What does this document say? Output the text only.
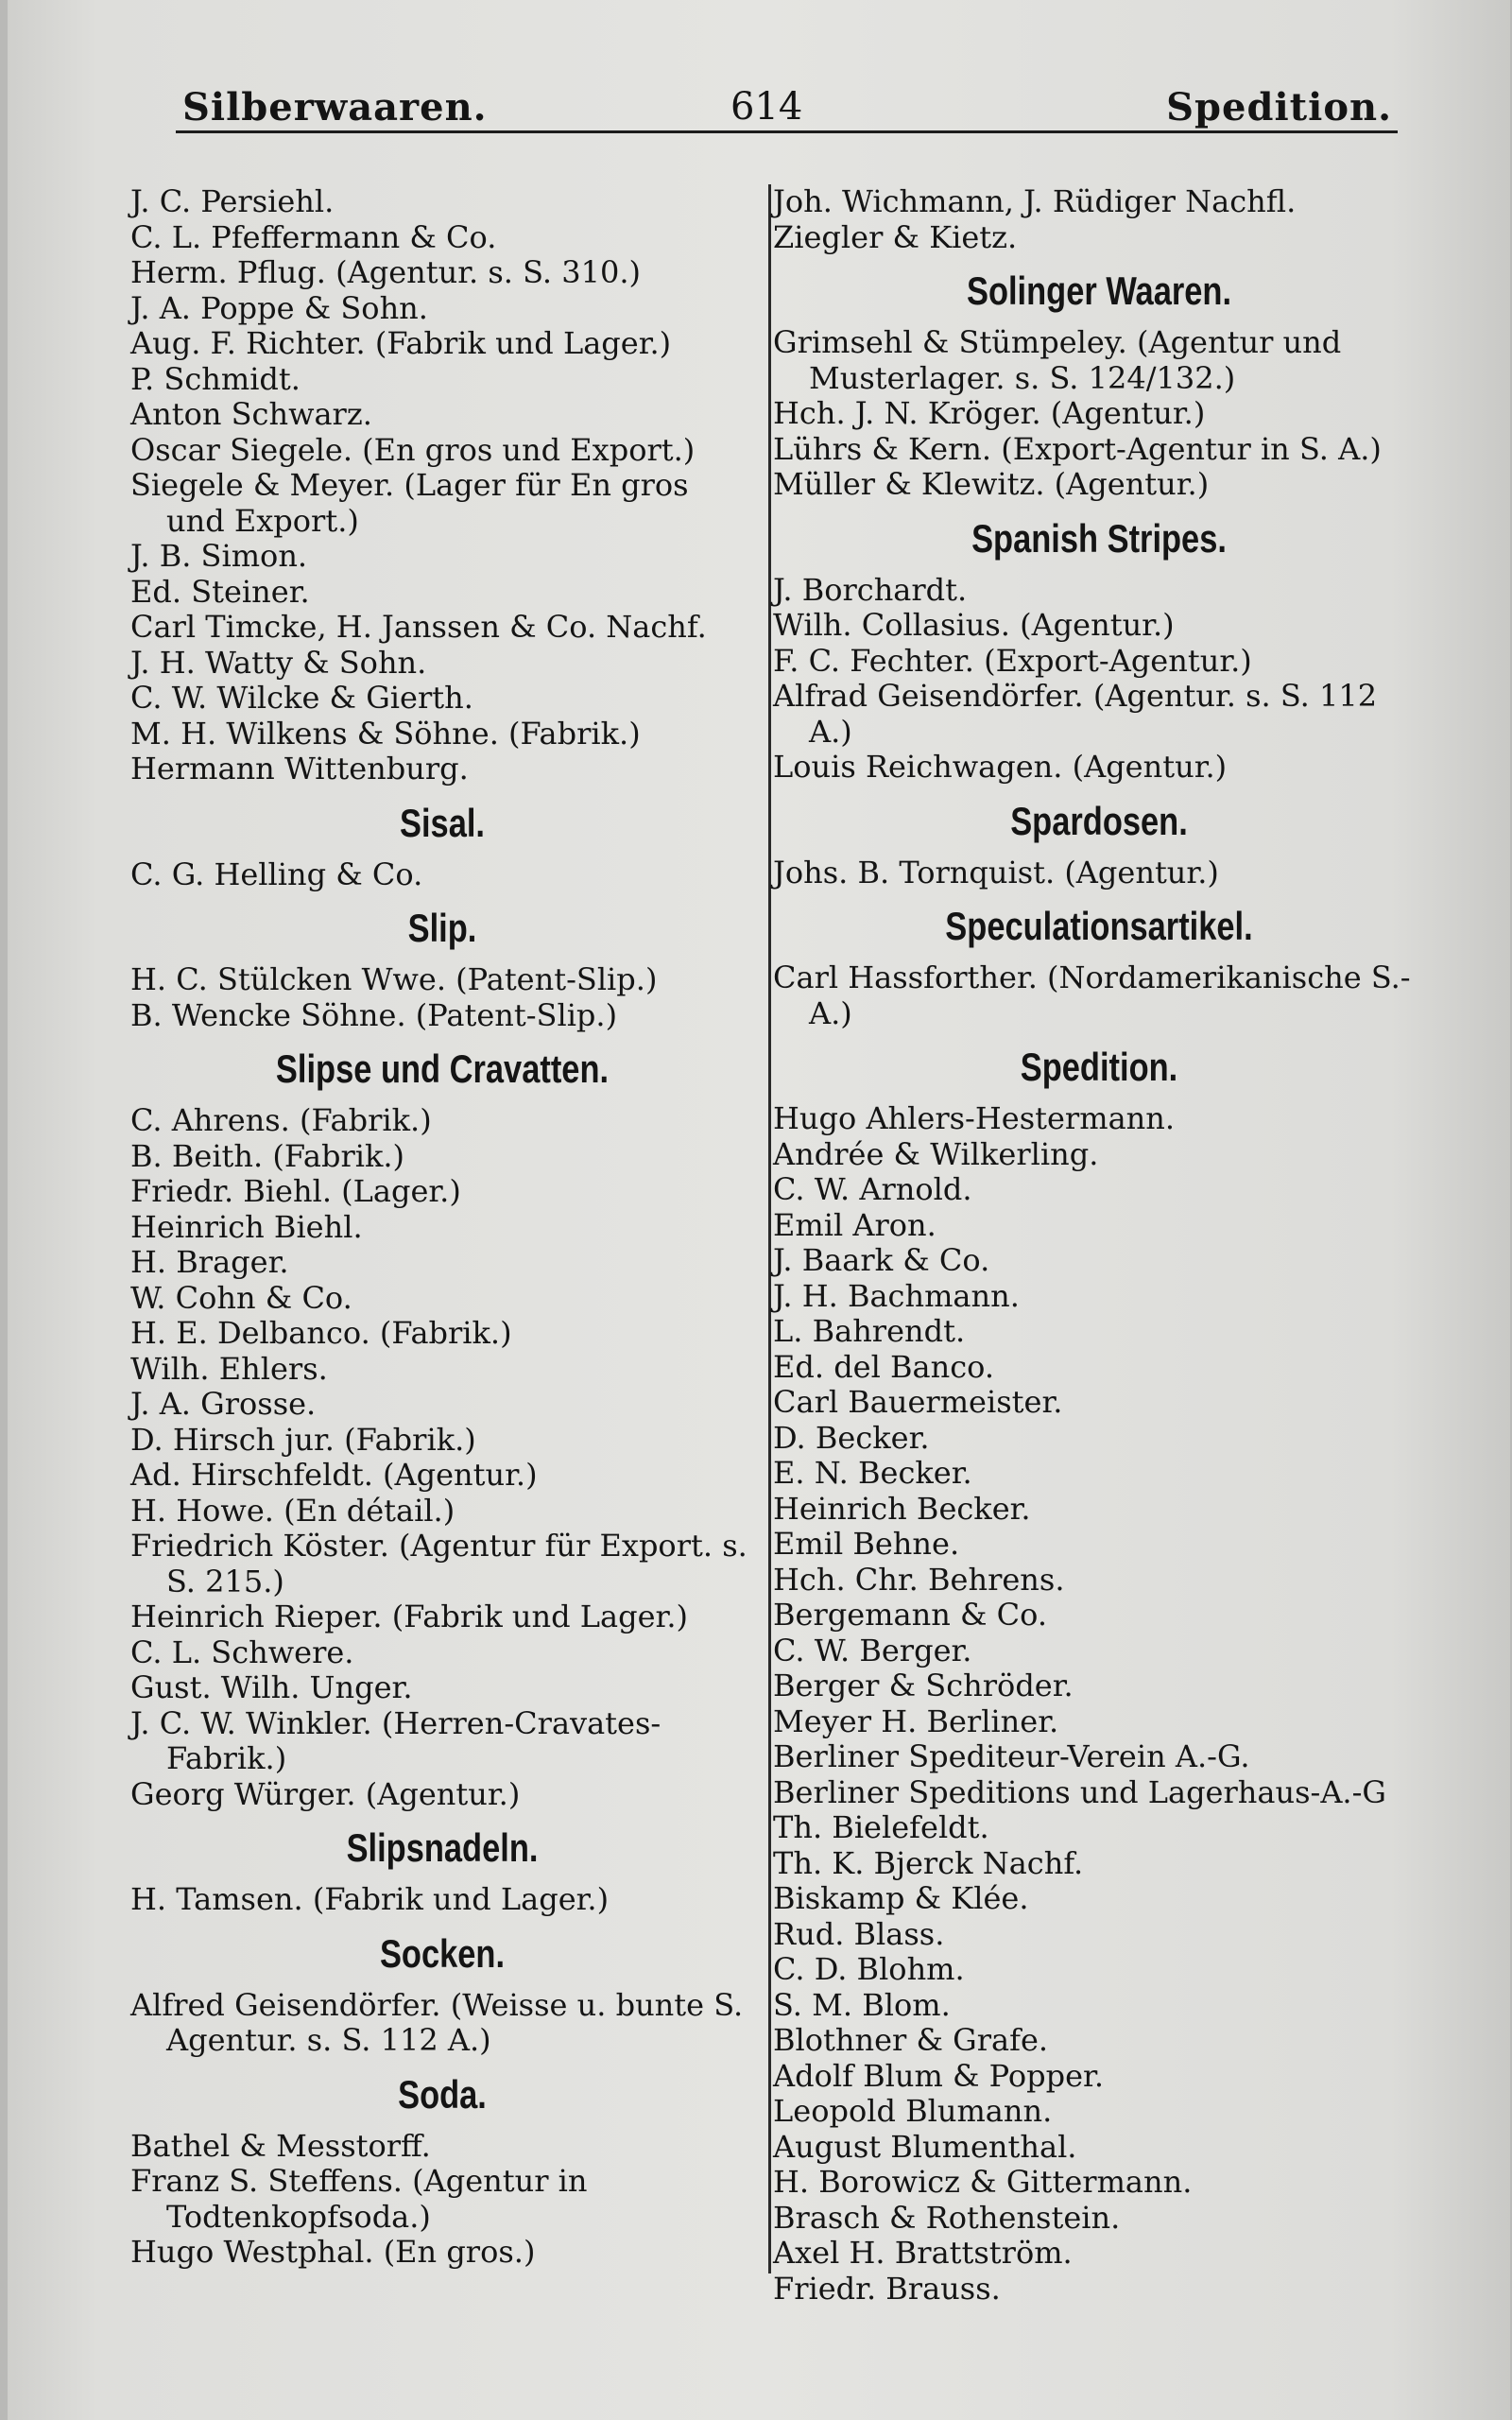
Silberwaaren.	614	Spedition.
J. C. Persiehl.
C. L. Pfeffermann & Co.
Herm. Pflug. (Agentur. s. S. 310.)
J. A. Poppe & Sohn.
Aug. F. Richter. (Fabrik und Lager.)
P. Schmidt.
Anton Schwarz.
Oscar Siegele. (En gros und Export.)
Siegele & Meyer. (Lager für En gros und Export.)
J. B. Simon.
Ed. Steiner.
Carl Timcke, H. Janssen & Co. Nachf.
J. H. Watty & Sohn.
C. W. Wilcke & Gierth.
M. H. Wilkens & Söhne. (Fabrik.)
Hermann Wittenburg.
Sisal.
C. G. Helling & Co.
Slip.
H. C. Stülcken Wwe. (Patent-Slip.)
B. Wencke Söhne. (Patent-Slip.)
Slipse und Cravatten.
C. Ahrens. (Fabrik.)
B. Beith. (Fabrik.)
Friedr. Biehl. (Lager.)
Heinrich Biehl.
H. Brager.
W. Cohn & Co.
H. E. Delbanco. (Fabrik.)
Wilh. Ehlers.
J. A. Grosse.
D. Hirsch jur. (Fabrik.)
Ad. Hirschfeldt. (Agentur.)
H. Howe. (En détail.)
Friedrich Köster. (Agentur für Export. s. S. 215.)
Heinrich Rieper. (Fabrik und Lager.)
C. L. Schwere.
Gust. Wilh. Unger.
J. C. W. Winkler. (Herren-Cravates-Fabrik.)
Georg Würger. (Agentur.)
Slipsnadeln.
H. Tamsen. (Fabrik und Lager.)
Socken.
Alfred Geisendörfer. (Weisse u. bunte S. Agentur. s. S. 112 A.)
Soda.
Bathel & Messtorff.
Franz S. Steffens. (Agentur in Todtenkopfsoda.)
Hugo Westphal. (En gros.)
Joh. Wichmann, J. Rüdiger Nachfl.
Ziegler & Kietz.
Solinger Waaren.
Grimsehl & Stümpeley. (Agentur und Musterlager. s. S. 124/132.)
Hch. J. N. Kröger. (Agentur.)
Lührs & Kern. (Export-Agentur in S. A.)
Müller & Klewitz. (Agentur.)
Spanish Stripes.
J. Borchardt.
Wilh. Collasius. (Agentur.)
F. C. Fechter. (Export-Agentur.)
Alfrad Geisendörfer. (Agentur. s. S. 112 A.)
Louis Reichwagen. (Agentur.)
Spardosen.
Johs. B. Tornquist. (Agentur.)
Speculationsartikel.
Carl Hassforther. (Nordamerikanische S.-A.)
Spedition.
Hugo Ahlers-Hestermann.
Andrée & Wilkerling.
C. W. Arnold.
Emil Aron.
J. Baark & Co.
J. H. Bachmann.
L. Bahrendt.
Ed. del Banco.
Carl Bauermeister.
D. Becker.
E. N. Becker.
Heinrich Becker.
Emil Behne.
Hch. Chr. Behrens.
Bergemann & Co.
C. W. Berger.
Berger & Schröder.
Meyer H. Berliner.
Berliner Spediteur-Verein A.-G.
Berliner Speditions und Lagerhaus-A.-G
Th. Bielefeldt.
Th. K. Bjerck Nachf.
Biskamp & Klée.
Rud. Blass.
C. D. Blohm.
S. M. Blom.
Blothner & Grafe.
Adolf Blum & Popper.
Leopold Blumann.
August Blumenthal.
H. Borowicz & Gittermann.
Brasch & Rothenstein.
Axel H. Brattström.
Friedr. Brauss.
